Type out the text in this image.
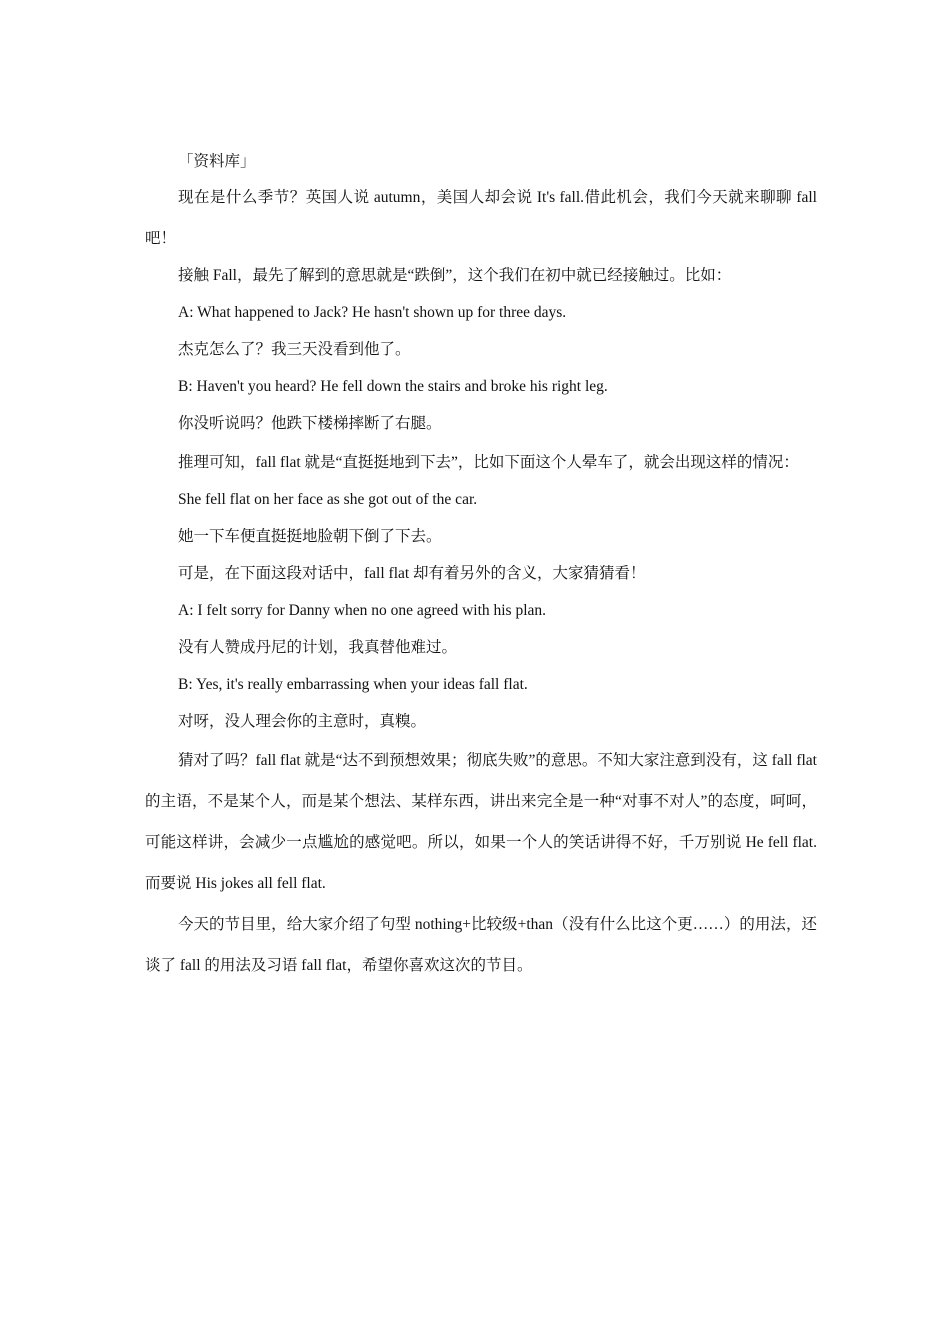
「资料库」
现在是什么季节？英国人说 autumn，美国人却会说 It's fall.借此机会，我们今天就来聊聊 fall 吧！
接触 Fall，最先了解到的意思就是“跌倒”，这个我们在初中就已经接触过。比如：
A: What happened to Jack? He hasn't shown up for three days.
杰克怎么了？我三天没看到他了。
B: Haven't you heard? He fell down the stairs and broke his right leg.
你没听说吗？他跌下楼梯摔断了右腿。
推理可知，fall flat 就是“直挺挺地到下去”，比如下面这个人晕车了，就会出现这样的情况：
She fell flat on her face as she got out of the car.
她一下车便直挺挺地脸朝下倒了下去。
可是，在下面这段对话中，fall flat 却有着另外的含义，大家猜猜看！
A: I felt sorry for Danny when no one agreed with his plan.
没有人赞成丹尼的计划，我真替他难过。
B: Yes, it's really embarrassing when your ideas fall flat.
对呀，没人理会你的主意时，真糗。
猜对了吗？fall flat 就是“达不到预想效果；彻底失败”的意思。不知大家注意到没有，这 fall flat 的主语，不是某个人，而是某个想法、某样东西，讲出来完全是一种“对事不对人”的态度，呵呵，可能这样讲，会减少一点尴尬的感觉吧。所以，如果一个人的笑话讲得不好，千万别说 He fell flat.而要说 His jokes all fell flat.
今天的节目里，给大家介绍了句型 nothing+比较级+than（没有什么比这个更……）的用法，还谈了 fall 的用法及习语 fall flat，希望你喜欢这次的节目。
